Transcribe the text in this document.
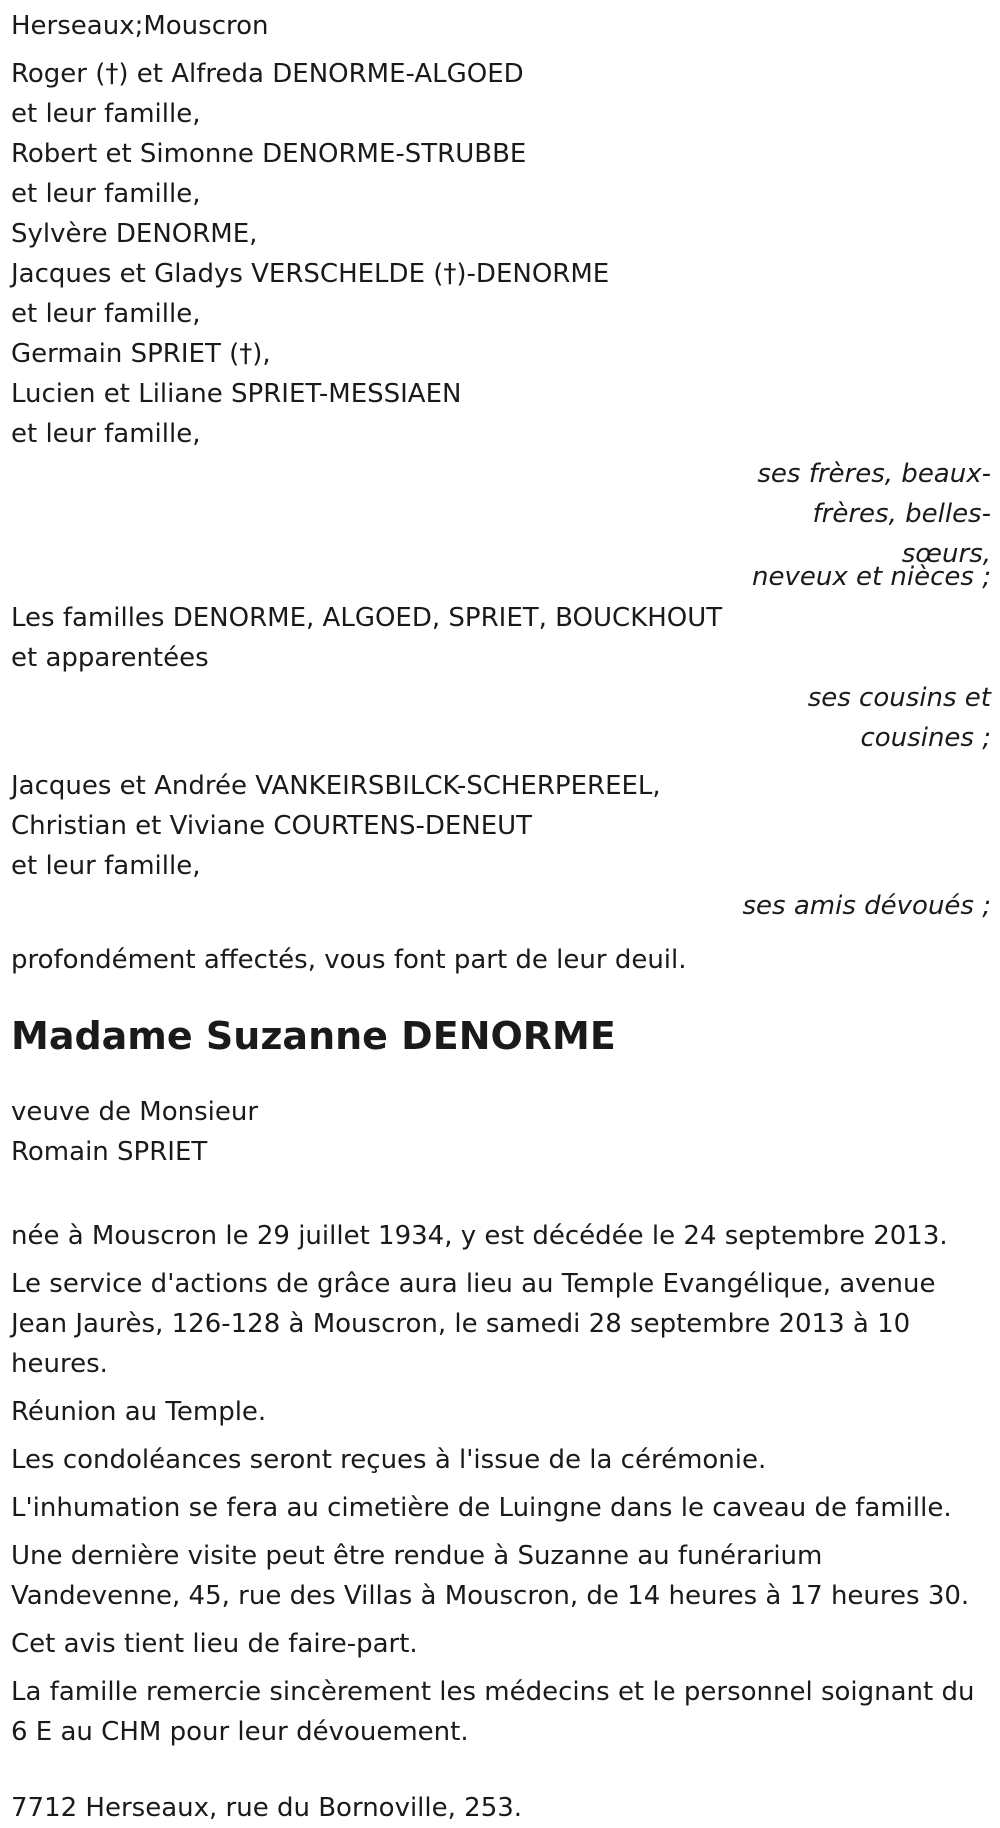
Herseaux;Mouscron
Roger (†) et Alfreda DENORME-ALGOED
et leur famille,
Robert et Simonne DENORME-STRUBBE
et leur famille,
Sylvère DENORME,
Jacques et Gladys VERSCHELDE (†)-DENORME
et leur famille,
Germain SPRIET (†),
Lucien et Liliane SPRIET-MESSIAEN
et leur famille,
ses frères, beaux-
frères, belles-
sœurs,
neveux et nièces ;
Les familles DENORME, ALGOED, SPRIET, BOUCKHOUT
et apparentées
ses cousins et
cousines ;
Jacques et Andrée VANKEIRSBILCK-SCHERPEREEL,
Christian et Viviane COURTENS-DENEUT
et leur famille,
ses amis dévoués ;
profondément affectés, vous font part de leur deuil.
Madame Suzanne DENORME
veuve de Monsieur
Romain SPRIET
née à Mouscron le 29 juillet 1934, y est décédée le 24 septembre 2013.
Le service d'actions de grâce aura lieu au Temple Evangélique, avenue Jean Jaurès, 126-128 à Mouscron, le samedi 28 septembre 2013 à 10 heures.
Réunion au Temple.
Les condoléances seront reçues à l'issue de la cérémonie.
L'inhumation se fera au cimetière de Luingne dans le caveau de famille.
Une dernière visite peut être rendue à Suzanne au funérarium Vandevenne, 45, rue des Villas à Mouscron, de 14 heures à 17 heures 30.
Cet avis tient lieu de faire-part.
La famille remercie sincèrement les médecins et le personnel soignant du 6 E au CHM pour leur dévouement.
7712 Herseaux, rue du Bornoville, 253.
